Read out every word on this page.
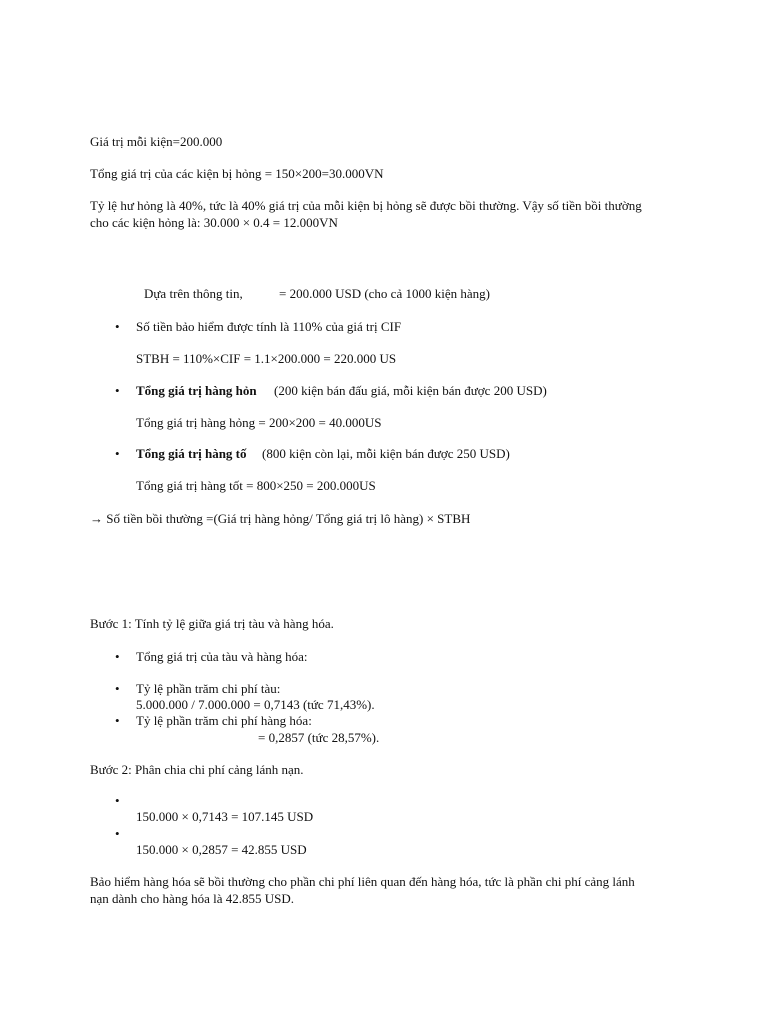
Giá trị mỗi kiện=200.000
Tổng giá trị của các kiện bị hỏng = 150×200=30.000VN
Tỷ lệ hư hỏng là 40%, tức là 40% giá trị của mỗi kiện bị hỏng sẽ được bồi thường. Vậy số tiền bồi thường
cho các kiện hỏng là: 30.000 × 0.4 = 12.000VN
Dựa trên thông tin,	= 200.000 USD (cho cả 1000 kiện hàng)
• Số tiền bảo hiểm được tính là 110% của giá trị CIF
STBH = 110%×CIF = 1.1×200.000 = 220.000 US
• Tổng giá trị hàng hỏn (200 kiện bán đấu giá, mỗi kiện bán được 200 USD)
Tổng giá trị hàng hỏng = 200×200 = 40.000US
• Tổng giá trị hàng tố (800 kiện còn lại, mỗi kiện bán được 250 USD)
Tổng giá trị hàng tốt = 800×250 = 200.000US
→ Số tiền bồi thường =(Giá trị hàng hỏng/ Tổng giá trị lô hàng) × STBH
Bước 1: Tính tỷ lệ giữa giá trị tàu và hàng hóa.
• Tổng giá trị của tàu và hàng hóa:
• Tỷ lệ phần trăm chi phí tàu:
5.000.000 / 7.000.000 = 0,7143 (tức 71,43%).
• Tỷ lệ phần trăm chi phí hàng hóa:
= 0,2857 (tức 28,57%).
Bước 2: Phân chia chi phí cảng lánh nạn.
•
150.000 × 0,7143 = 107.145 USD
•
150.000 × 0,2857 = 42.855 USD
Bảo hiểm hàng hóa sẽ bồi thường cho phần chi phí liên quan đến hàng hóa, tức là phần chi phí cảng lánh
nạn dành cho hàng hóa là 42.855 USD.
